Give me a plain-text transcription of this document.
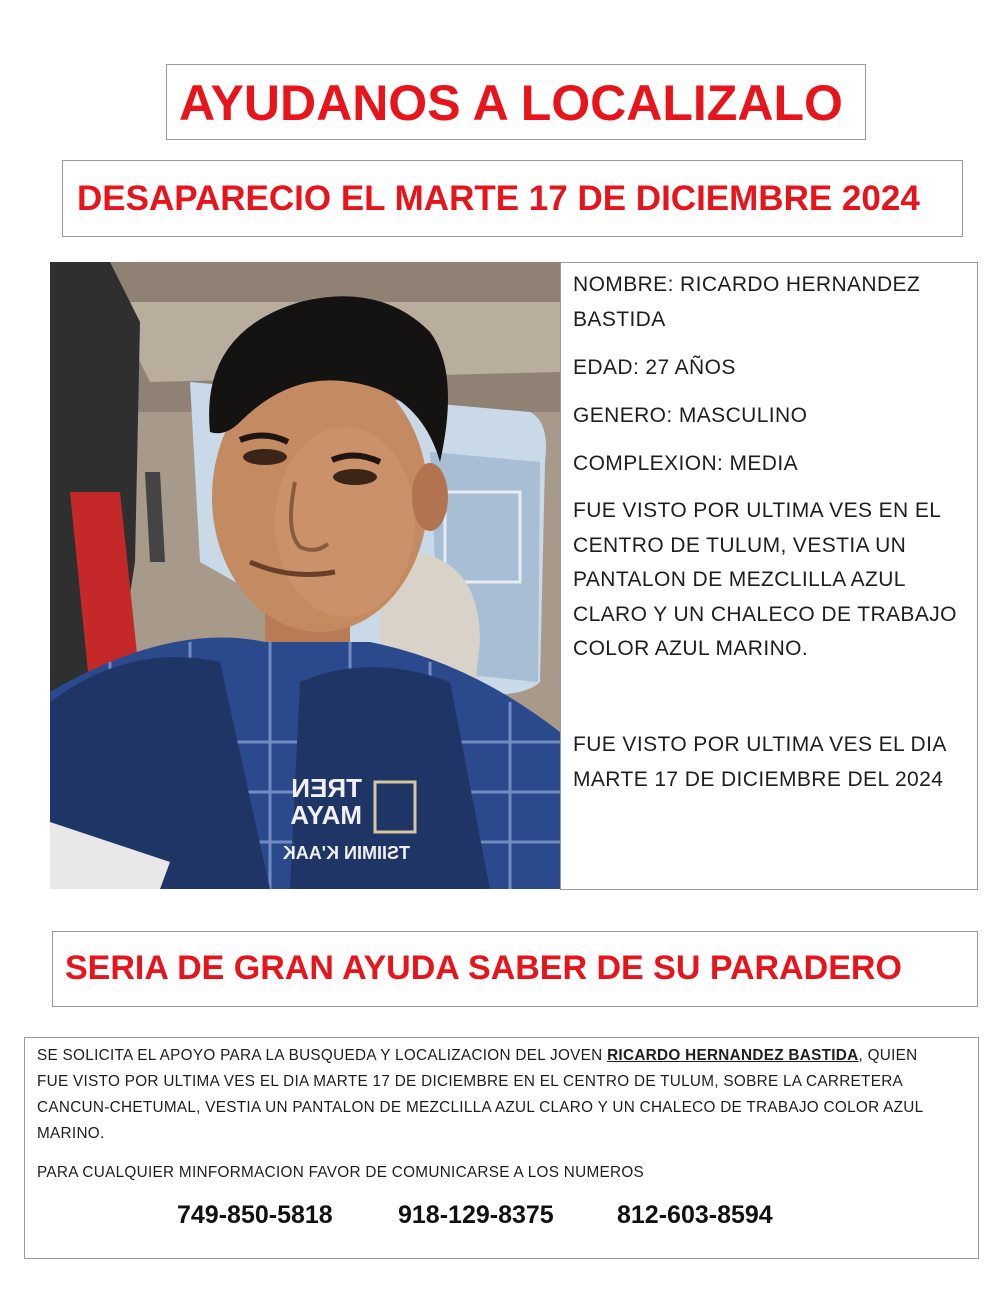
AYUDANOS A LOCALIZALO
DESAPARECIO EL MARTE 17 DE DICIEMBRE 2024
TREN
MAYA
TSIIMIN K'AAK
NOMBRE: RICARDO HERNANDEZ
BASTIDA
EDAD: 27 AÑOS
GENERO: MASCULINO
COMPLEXION: MEDIA
FUE VISTO POR ULTIMA VES EN EL
CENTRO DE TULUM, VESTIA UN
PANTALON DE MEZCLILLA AZUL
CLARO Y UN CHALECO DE TRABAJO
COLOR AZUL MARINO.
FUE VISTO POR ULTIMA VES EL DIA
MARTE 17 DE DICIEMBRE DEL 2024
SERIA DE GRAN AYUDA SABER DE SU PARADERO
SE SOLICITA EL APOYO PARA LA BUSQUEDA Y LOCALIZACION DEL JOVEN RICARDO HERNANDEZ BASTIDA, QUIEN
FUE VISTO POR ULTIMA VES EL DIA MARTE 17 DE DICIEMBRE EN EL CENTRO DE TULUM, SOBRE LA CARRETERA
CANCUN-CHETUMAL, VESTIA UN PANTALON DE MEZCLILLA AZUL CLARO Y UN CHALECO DE TRABAJO COLOR AZUL
MARINO.
PARA CUALQUIER MINFORMACION FAVOR DE COMUNICARSE A LOS NUMEROS
749-850-5818	918-129-8375	812-603-8594
